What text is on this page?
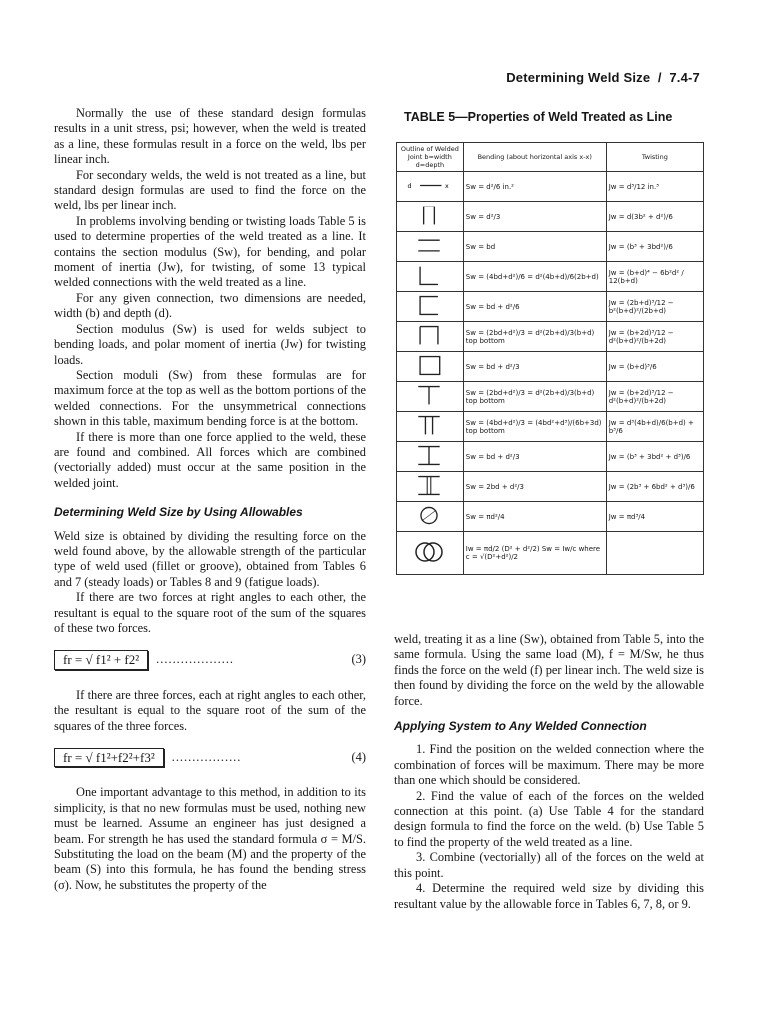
Determining Weld Size / 7.4-7

Normally the use of these standard design formulas results in a unit stress, psi; however, when the weld is treated as a line, these formulas result in a force on the weld, lbs per linear inch.

For secondary welds, the weld is not treated as a line, but standard design formulas are used to find the force on the weld, lbs per linear inch.

In problems involving bending or twisting loads Table 5 is used to determine properties of the weld treated as a line. It contains the section modulus (Sw), for bending, and polar moment of inertia (Jw), for twisting, of some 13 typical welded connections with the weld treated as a line.

For any given connection, two dimensions are needed, width (b) and depth (d).

Section modulus (Sw) is used for welds subject to bending loads, and polar moment of inertia (Jw) for twisting loads.

Section moduli (Sw) from these formulas are for maximum force at the top as well as the bottom portions of the welded connections. For the unsymmetrical connections shown in this table, maximum bending force is at the bottom.

If there is more than one force applied to the weld, these are found and combined. All forces which are combined (vectorially added) must occur at the same position in the welded joint.

Determining Weld Size by Using Allowables

Weld size is obtained by dividing the resulting force on the weld found above, by the allowable strength of the particular type of weld used (fillet or groove), obtained from Tables 6 and 7 (steady loads) or Tables 8 and 9 (fatigue loads).

If there are two forces at right angles to each other, the resultant is equal to the square root of the sum of the squares of these two forces.

fr = √ f1² + f2²	...................	(3)

If there are three forces, each at right angles to each other, the resultant is equal to the square root of the sum of the squares of the three forces.

fr = √ f1²+f2²+f3²	.................	(4)

One important advantage to this method, in addition to its simplicity, is that no new formulas must be used, nothing new must be learned. Assume an engineer has just designed a beam. For strength he has used the standard formula σ = M/S. Substituting the load on the beam (M) and the property of the beam (S) into this formula, he has found the bending stress (σ). Now, he substitutes the property of the

TABLE 5—Properties of Weld Treated as Line
Outline of Welded Joint b=width d=depth	Bending (about horizontal axis x-x)	Twisting

d x	Sw = d²/6 in.²	Jw = d³/12 in.³
	Sw = d²/3	Jw = d(3b² + d²)/6
	Sw = bd	Jw = (b³ + 3bd²)/6
	Sw = (4bd+d²)/6 = d²(4b+d)/6(2b+d)	Jw = (b+d)⁴ − 6b²d² / 12(b+d)
	Sw = bd + d²/6	Jw = (2b+d)³/12 − b²(b+d)²/(2b+d)
	Sw = (2bd+d²)/3 = d²(2b+d)/3(b+d) top bottom	Jw = (b+2d)³/12 − d²(b+d)²/(b+2d)
	Sw = bd + d²/3	Jw = (b+d)³/6
	Sw = (2bd+d²)/3 = d²(2b+d)/3(b+d) top bottom	Jw = (b+2d)³/12 − d²(b+d)²/(b+2d)
	Sw = (4bd+d²)/3 = (4bd²+d³)/(6b+3d) top bottom	Jw = d³(4b+d)/6(b+d) + b³/6
	Sw = bd + d²/3	Jw = (b³ + 3bd² + d³)/6
	Sw = 2bd + d²/3	Jw = (2b³ + 6bd² + d³)/6
	Sw = πd²/4	Jw = πd³/4
	Iw = πd/2 (D² + d²/2) Sw = Iw/c where c = √(D²+d²)/2	

weld, treating it as a line (Sw), obtained from Table 5, into the same formula. Using the same load (M), f = M/Sw, he thus finds the force on the weld (f) per linear inch. The weld size is then found by dividing the force on the weld by the allowable force.

Applying System to Any Welded Connection

1. Find the position on the welded connection where the combination of forces will be maximum. There may be more than one which should be considered.

2. Find the value of each of the forces on the welded connection at this point. (a) Use Table 4 for the standard design formula to find the force on the weld. (b) Use Table 5 to find the property of the weld treated as a line.

3. Combine (vectorially) all of the forces on the weld at this point.

4. Determine the required weld size by dividing this resultant value by the allowable force in Tables 6, 7, 8, or 9.
